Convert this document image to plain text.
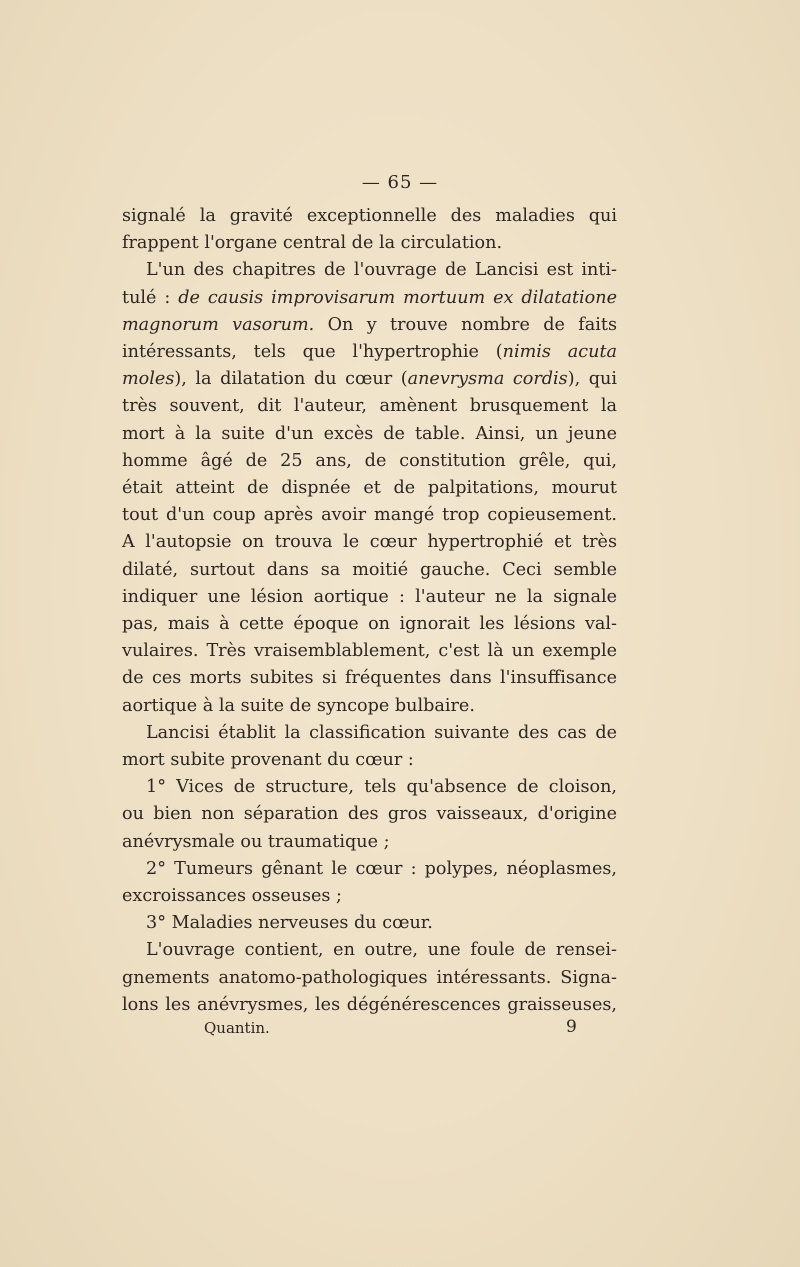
— 65 —
signalé la gravité exceptionnelle des maladies qui
frappent l'organe central de la circulation.
L'un des chapitres de l'ouvrage de Lancisi est inti-
tulé : de causis improvisarum mortuum ex dilatatione
magnorum vasorum. On y trouve nombre de faits
intéressants, tels que l'hypertrophie (nimis acuta
moles), la dilatation du cœur (anevrysma cordis), qui
très souvent, dit l'auteur, amènent brusquement la
mort à la suite d'un excès de table. Ainsi, un jeune
homme âgé de 25 ans, de constitution grêle, qui,
était atteint de dispnée et de palpitations, mourut
tout d'un coup après avoir mangé trop copieusement.
A l'autopsie on trouva le cœur hypertrophié et très
dilaté, surtout dans sa moitié gauche. Ceci semble
indiquer une lésion aortique : l'auteur ne la signale
pas, mais à cette époque on ignorait les lésions val-
vulaires. Très vraisemblablement, c'est là un exemple
de ces morts subites si fréquentes dans l'insuffisance
aortique à la suite de syncope bulbaire.
Lancisi établit la classification suivante des cas de
mort subite provenant du cœur :
1° Vices de structure, tels qu'absence de cloison,
ou bien non séparation des gros vaisseaux, d'origine
anévrysmale ou traumatique ;
2° Tumeurs gênant le cœur : polypes, néoplasmes,
excroissances osseuses ;
3° Maladies nerveuses du cœur.
L'ouvrage contient, en outre, une foule de rensei-
gnements anatomo-pathologiques intéressants. Signa-
lons les anévrysmes, les dégénérescences graisseuses,
Quantin.	9
